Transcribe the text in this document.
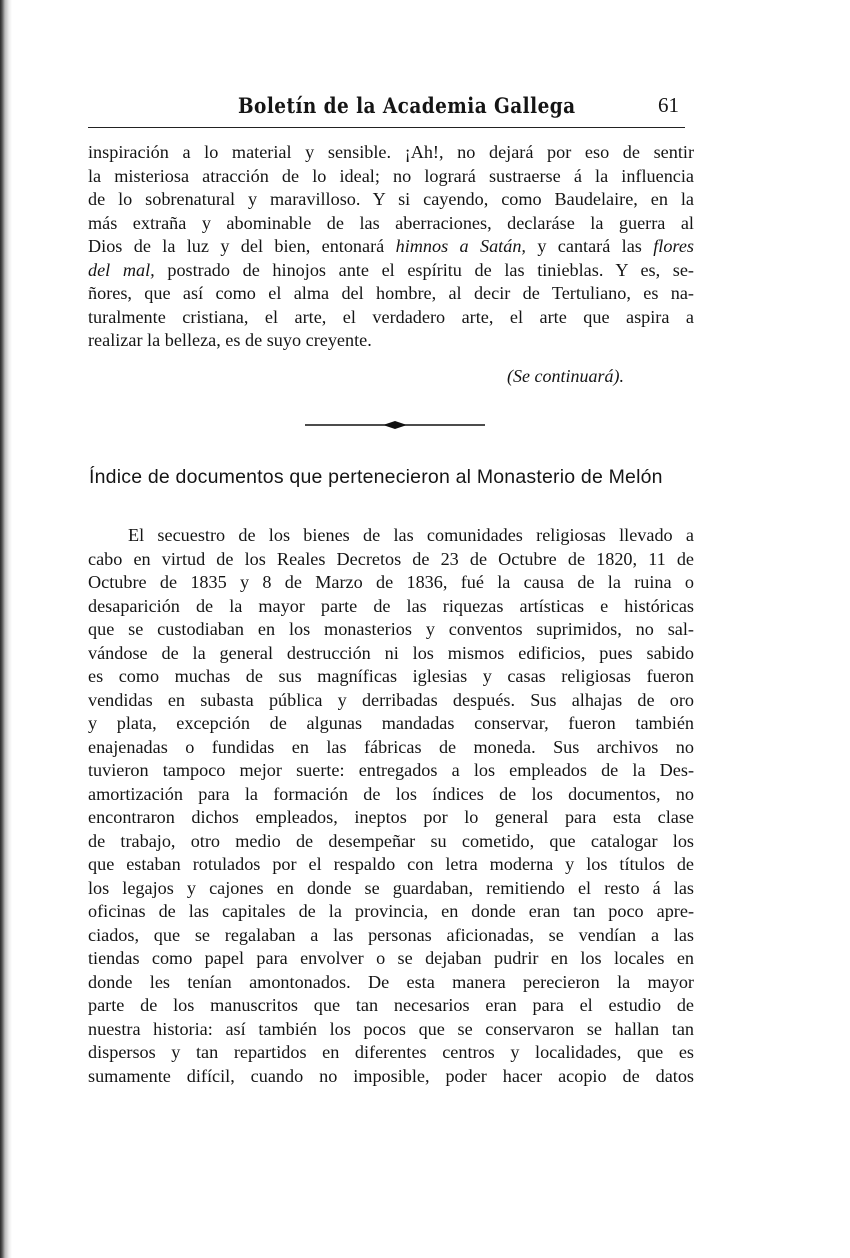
Boletín de la Academia Gallega	61
inspiración a lo material y sensible. ¡Ah!, no dejará por eso de sentir
la misteriosa atracción de lo ideal; no logrará sustraerse á la influencia
de lo sobrenatural y maravilloso. Y si cayendo, como Baudelaire, en la
más extraña y abominable de las aberraciones, declaráse la guerra al
Dios de la luz y del bien, entonará himnos a Satán, y cantará las flores
del mal, postrado de hinojos ante el espíritu de las tinieblas. Y es, se-
ñores, que así como el alma del hombre, al decir de Tertuliano, es na-
turalmente cristiana, el arte, el verdadero arte, el arte que aspira a
realizar la belleza, es de suyo creyente.
(Se continuará).
Índice de documentos que pertenecieron al Monasterio de Melón
El secuestro de los bienes de las comunidades religiosas llevado a
cabo en virtud de los Reales Decretos de 23 de Octubre de 1820, 11 de
Octubre de 1835 y 8 de Marzo de 1836, fué la causa de la ruina o
desaparición de la mayor parte de las riquezas artísticas e históricas
que se custodiaban en los monasterios y conventos suprimidos, no sal-
vándose de la general destrucción ni los mismos edificios, pues sabido
es como muchas de sus magníficas iglesias y casas religiosas fueron
vendidas en subasta pública y derribadas después. Sus alhajas de oro
y plata, excepción de algunas mandadas conservar, fueron también
enajenadas o fundidas en las fábricas de moneda. Sus archivos no
tuvieron tampoco mejor suerte: entregados a los empleados de la Des-
amortización para la formación de los índices de los documentos, no
encontraron dichos empleados, ineptos por lo general para esta clase
de trabajo, otro medio de desempeñar su cometido, que catalogar los
que estaban rotulados por el respaldo con letra moderna y los títulos de
los legajos y cajones en donde se guardaban, remitiendo el resto á las
oficinas de las capitales de la provincia, en donde eran tan poco apre-
ciados, que se regalaban a las personas aficionadas, se vendían a las
tiendas como papel para envolver o se dejaban pudrir en los locales en
donde les tenían amontonados. De esta manera perecieron la mayor
parte de los manuscritos que tan necesarios eran para el estudio de
nuestra historia: así también los pocos que se conservaron se hallan tan
dispersos y tan repartidos en diferentes centros y localidades, que es
sumamente difícil, cuando no imposible, poder hacer acopio de datos
